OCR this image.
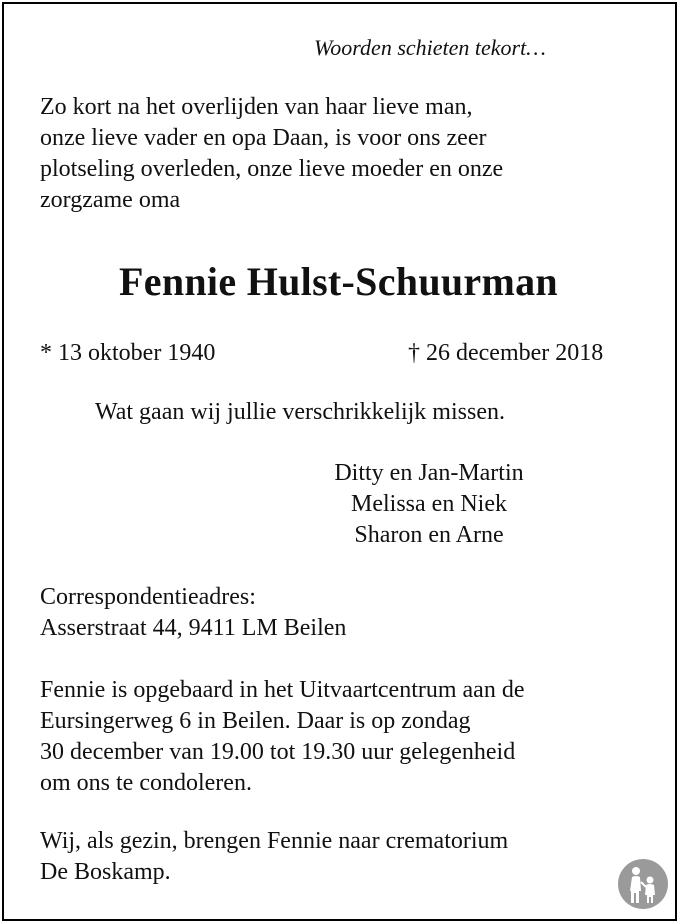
Woorden schieten tekort…
Zo kort na het overlijden van haar lieve man,
onze lieve vader en opa Daan, is voor ons zeer
plotseling overleden, onze lieve moeder en onze
zorgzame oma
Fennie Hulst-Schuurman
* 13 oktober 1940	† 26 december 2018
Wat gaan wij jullie verschrikkelijk missen.
Ditty en Jan-Martin
Melissa en Niek
Sharon en Arne
Correspondentieadres:
Asserstraat 44, 9411 LM Beilen
Fennie is opgebaard in het Uitvaartcentrum aan de
Eursingerweg 6 in Beilen. Daar is op zondag
30 december van 19.00 tot 19.30 uur gelegenheid
om ons te condoleren.
Wij, als gezin, brengen Fennie naar crematorium
De Boskamp.
